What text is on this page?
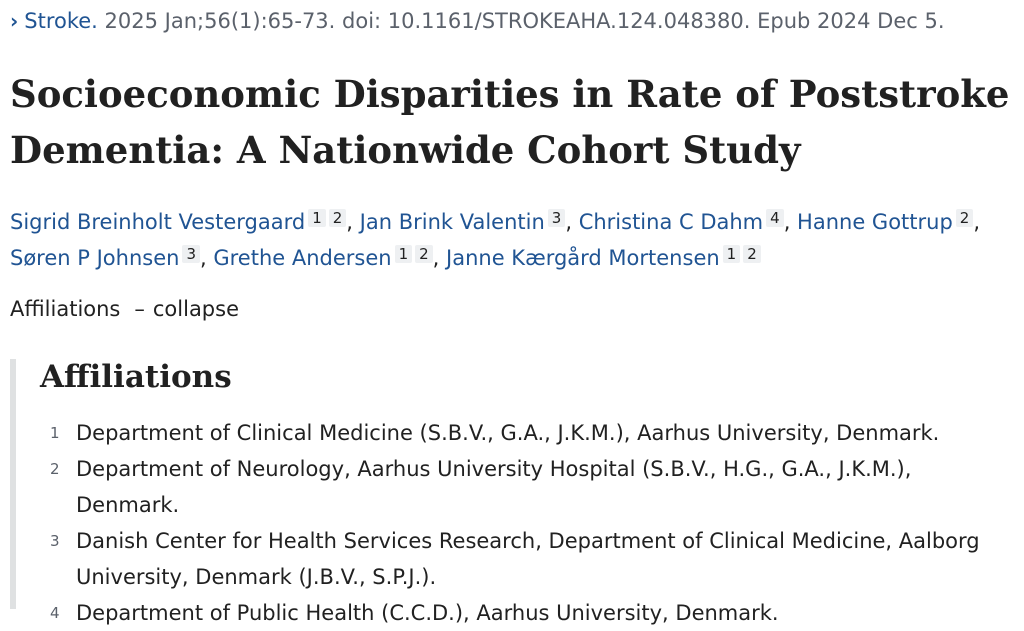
› Stroke. 2025 Jan;56(1):65-73. doi: 10.1161/STROKEAHA.124.048380. Epub 2024 Dec 5.
Socioeconomic Disparities in Rate of Poststroke Dementia: A Nationwide Cohort Study
Sigrid Breinholt Vestergaard 1 2 , Jan Brink Valentin 3 , Christina C Dahm 4 , Hanne Gottrup 2 , Søren P Johnsen 3 , Grethe Andersen 1 2 , Janne Kærgård Mortensen 1 2
Affiliations – collapse
Affiliations
1 Department of Clinical Medicine (S.B.V., G.A., J.K.M.), Aarhus University, Denmark.
2 Department of Neurology, Aarhus University Hospital (S.B.V., H.G., G.A., J.K.M.), Denmark.
3 Danish Center for Health Services Research, Department of Clinical Medicine, Aalborg University, Denmark (J.B.V., S.P.J.).
4 Department of Public Health (C.C.D.), Aarhus University, Denmark.
